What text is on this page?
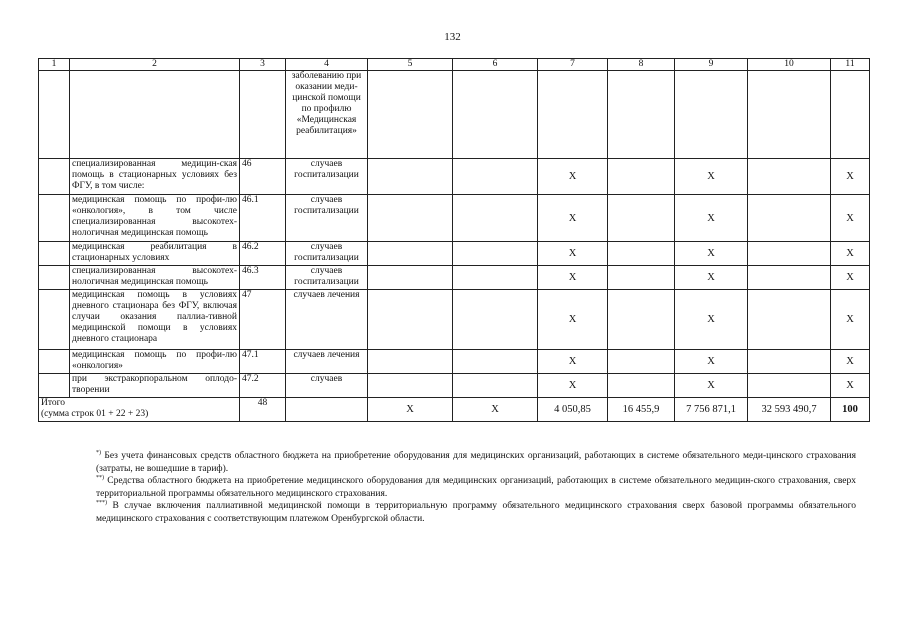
132
1	2	3	4	5	6	7	8	9	10	11
			заболеванию при оказании меди-цинской помощи по профилю «Медицинская реабилитация»							
	специализированная медицин-ская помощь в стационарных условиях без ФГУ, в том числе:	46	случаев госпитализации			X		X		X
	медицинская помощь по профи-лю «онкология», в том числе специализированная высокотех-нологичная медицинская помощь	46.1	случаев госпитализации			X		X		X
	медицинская реабилитация в стационарных условиях	46.2	случаев госпитализации			X		X		X
	специализированная высокотех-нологичная медицинская помощь	46.3	случаев госпитализации			X		X		X
	медицинская помощь в условиях дневного стационара без ФГУ, включая случаи оказания паллиа-тивной медицинской помощи в условиях дневного стационара	47	случаев лечения			X		X		X
	медицинская помощь по профи-лю «онкология»	47.1	случаев лечения			X		X		X
	при экстракорпоральном оплодо-творении	47.2	случаев			X		X		X

Итого
(сумма строк 01 + 22 + 23)		48		X	X	4 050,85	16 455,9	7 756 871,1	32 593 490,7	100

*) Без учета финансовых средств областного бюджета на приобретение оборудования для медицинских организаций, работающих в системе обязательного меди-цинского страхования (затраты, не вошедшие в тариф).

**) Средства областного бюджета на приобретение медицинского оборудования для медицинских организаций, работающих в системе обязательного медицин-ского страхования, сверх территориальной программы обязательного медицинского страхования.

***) В случае включения паллиативной медицинской помощи в территориальную программу обязательного медицинского страхования сверх базовой программы обязательного медицинского страхования с соответствующим платежом Оренбургской области.
